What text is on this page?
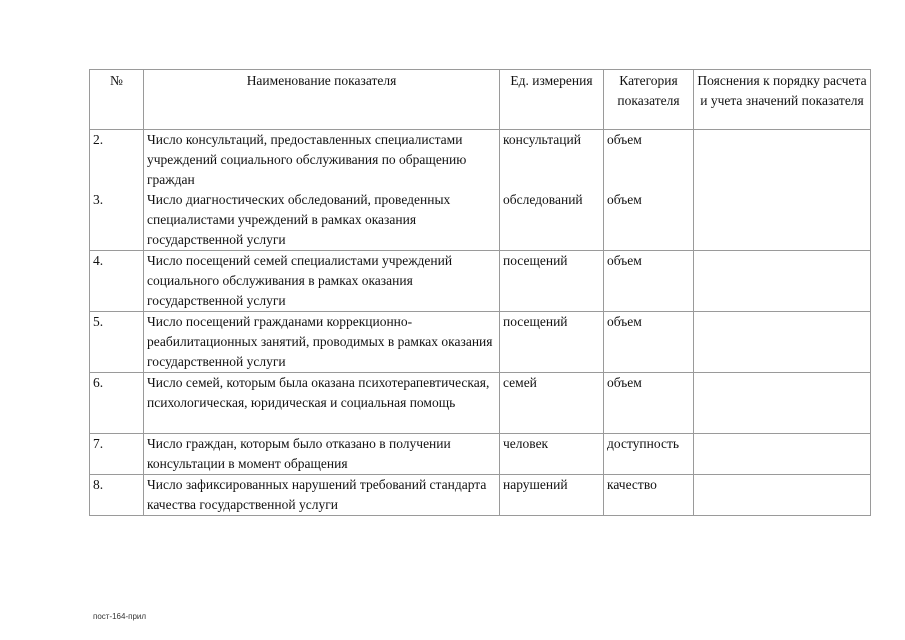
№	Наименование показателя	Ед. измерения	Категория показателя	Пояснения к порядку расчета и учета значений показателя
2.	Число консультаций, предоставленных специалистами учреждений социального обслуживания по обращению граждан	консультаций	объем	
3.	Число диагностических обследований, проведенных специалистами учреждений в рамках оказания государственной услуги	обследований	объем	
4.	Число посещений семей специалистами учреждений социального обслуживания в рамках оказания государственной услуги	посещений	объем	
5.	Число посещений гражданами коррекционно-реабилитационных занятий, проводимых в рамках оказания государственной услуги	посещений	объем	
6.	Число семей, которым была оказана психотерапевтическая, психологическая, юридическая и социальная помощь	семей	объем	
7.	Число граждан, которым было отказано в получении консультации в момент обращения	человек	доступность	
8.	Число зафиксированных нарушений требований стандарта качества государственной услуги	нарушений	качество	
пост-164-прил
